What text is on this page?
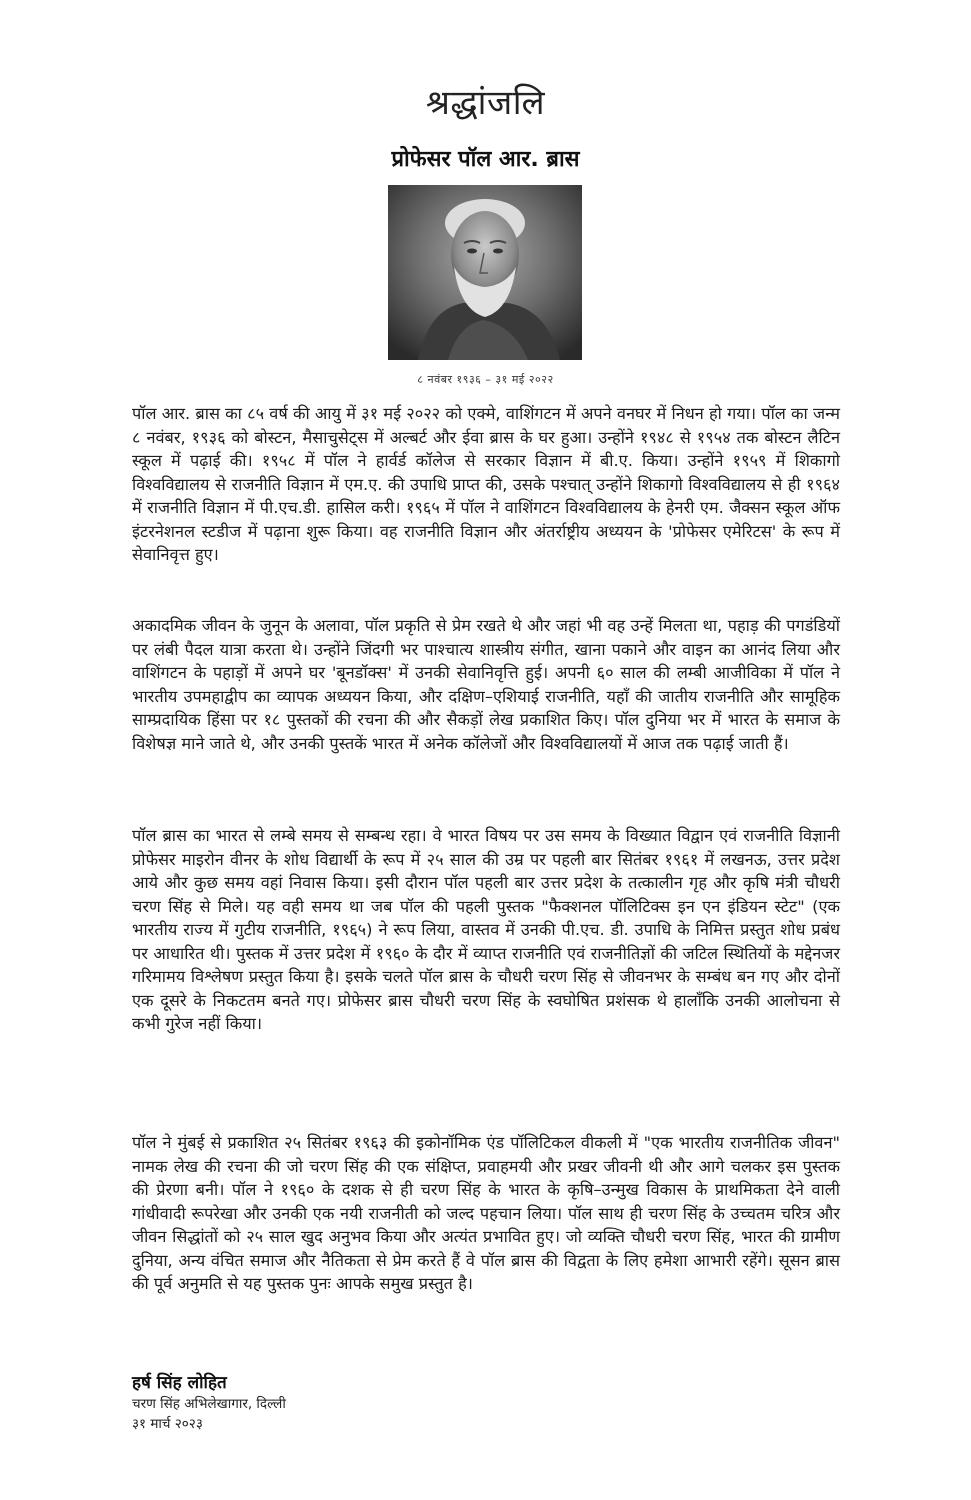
श्रद्धांजलि
प्रोफेसर पॉल आर. ब्रास
८ नवंबर १९३६ – ३१ मई २०२२

पॉल आर. ब्रास का ८५ वर्ष की आयु में ३१ मई २०२२ को एक्मे, वाशिंगटन में अपने वनघर में निधन हो गया। पॉल का जन्म ८ नवंबर, १९३६ को बोस्टन, मैसाचुसेट्स में अल्बर्ट और ईवा ब्रास के घर हुआ। उन्होंने १९४८ से १९५४ तक बोस्टन लैटिन स्कूल में पढ़ाई की। १९५८ में पॉल ने हार्वर्ड कॉलेज से सरकार विज्ञान में बी.ए. किया। उन्होंने १९५९ में शिकागो विश्वविद्यालय से राजनीति विज्ञान में एम.ए. की उपाधि प्राप्त की, उसके पश्चात् उन्होंने शिकागो विश्वविद्यालय से ही १९६४ में राजनीति विज्ञान में पी.एच.डी. हासिल करी। १९६५ में पॉल ने वाशिंगटन विश्वविद्यालय के हेनरी एम. जैक्सन स्कूल ऑफ इंटरनेशनल स्टडीज में पढ़ाना शुरू किया। वह राजनीति विज्ञान और अंतर्राष्ट्रीय अध्ययन के 'प्रोफेसर एमेरिटस' के रूप में सेवानिवृत्त हुए।

अकादमिक जीवन के जुनून के अलावा, पॉल प्रकृति से प्रेम रखते थे और जहां भी वह उन्हें मिलता था, पहाड़ की पगडंडियों पर लंबी पैदल यात्रा करता थे। उन्होंने जिंदगी भर पाश्चात्य शास्त्रीय संगीत, खाना पकाने और वाइन का आनंद लिया और वाशिंगटन के पहाड़ों में अपने घर 'बूनडॉक्स' में उनकी सेवानिवृत्ति हुई। अपनी ६० साल की लम्बी आजीविका में पॉल ने भारतीय उपमहाद्वीप का व्यापक अध्ययन किया, और दक्षिण–एशियाई राजनीति, यहाँ की जातीय राजनीति और सामूहिक साम्प्रदायिक हिंसा पर १८ पुस्तकों की रचना की और सैकड़ों लेख प्रकाशित किए। पॉल दुनिया भर में भारत के समाज के विशेषज्ञ माने जाते थे, और उनकी पुस्तकें भारत में अनेक कॉलेजों और विश्वविद्यालयों में आज तक पढ़ाई जाती हैं।

पॉल ब्रास का भारत से लम्बे समय से सम्बन्ध रहा। वे भारत विषय पर उस समय के विख्यात विद्वान एवं राजनीति विज्ञानी प्रोफेसर माइरोन वीनर के शोध विद्यार्थी के रूप में २५ साल की उम्र पर पहली बार सितंबर १९६१ में लखनऊ, उत्तर प्रदेश आये और कुछ समय वहां निवास किया। इसी दौरान पॉल पहली बार उत्तर प्रदेश के तत्कालीन गृह और कृषि मंत्री चौधरी चरण सिंह से मिले। यह वही समय था जब पॉल की पहली पुस्तक "फैक्शनल पॉलिटिक्स इन एन इंडियन स्टेट" (एक भारतीय राज्य में गुटीय राजनीति, १९६५) ने रूप लिया, वास्तव में उनकी पी.एच. डी. उपाधि के निमित्त प्रस्तुत शोध प्रबंध पर आधारित थी। पुस्तक में उत्तर प्रदेश में १९६० के दौर में व्याप्त राजनीति एवं राजनीतिज्ञों की जटिल स्थितियों के मद्देनजर गरिमामय विश्लेषण प्रस्तुत किया है। इसके चलते पॉल ब्रास के चौधरी चरण सिंह से जीवनभर के सम्बंध बन गए और दोनों एक दूसरे के निकटतम बनते गए। प्रोफेसर ब्रास चौधरी चरण सिंह के स्वघोषित प्रशंसक थे हालाँकि उनकी आलोचना से कभी गुरेज नहीं किया।

पॉल ने मुंबई से प्रकाशित २५ सितंबर १९६३ की इकोनॉमिक एंड पॉलिटिकल वीकली में "एक भारतीय राजनीतिक जीवन" नामक लेख की रचना की जो चरण सिंह की एक संक्षिप्त, प्रवाहमयी और प्रखर जीवनी थी और आगे चलकर इस पुस्तक की प्रेरणा बनी। पॉल ने १९६० के दशक से ही चरण सिंह के भारत के कृषि–उन्मुख विकास के प्राथमिकता देने वाली गांधीवादी रूपरेखा और उनकी एक नयी राजनीती को जल्द पहचान लिया। पॉल साथ ही चरण सिंह के उच्चतम चरित्र और जीवन सिद्धांतों को २५ साल खुद अनुभव किया और अत्यंत प्रभावित हुए। जो व्यक्ति चौधरी चरण सिंह, भारत की ग्रामीण दुनिया, अन्य वंचित समाज और नैतिकता से प्रेम करते हैं वे पॉल ब्रास की विद्वता के लिए हमेशा आभारी रहेंगे। सूसन ब्रास की पूर्व अनुमति से यह पुस्तक पुनः आपके समुख प्रस्तुत है।

हर्ष सिंह लोहित
चरण सिंह अभिलेखागार, दिल्ली
३१ मार्च २०२३
